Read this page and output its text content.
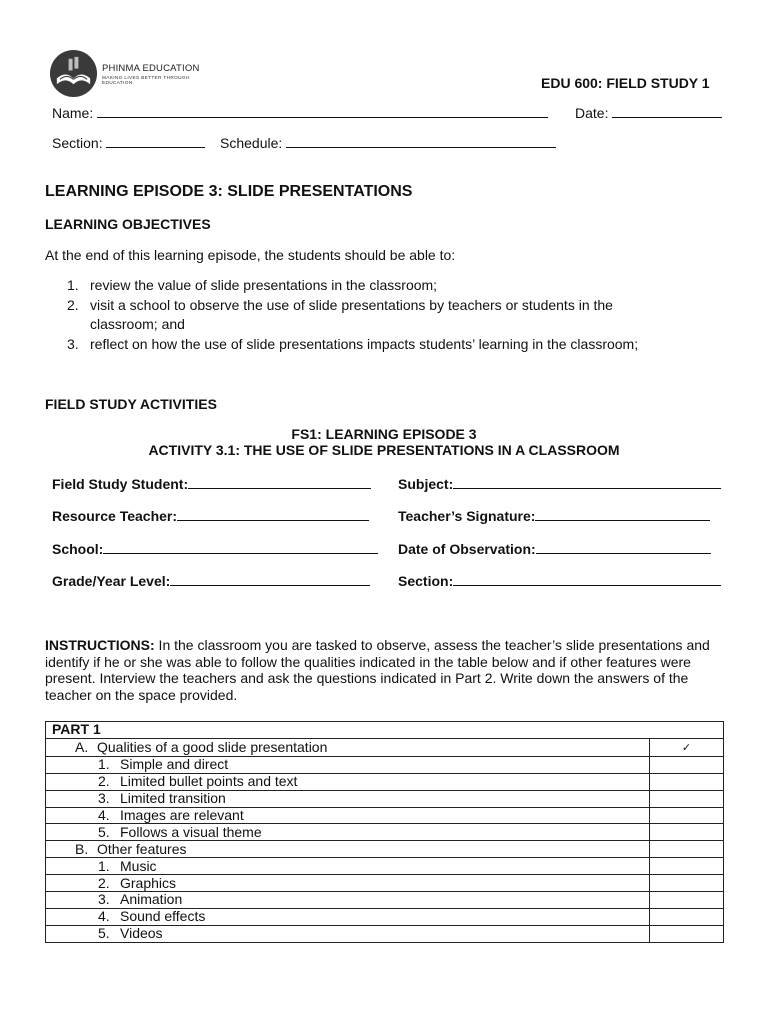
PHINMA EDUCATION
MAKING LIVES BETTER THROUGH EDUCATION	EDU 600: FIELD STUDY 1
Name:	Date:
Section:	Schedule:
LEARNING EPISODE 3: SLIDE PRESENTATIONS
LEARNING OBJECTIVES
At the end of this learning episode, the students should be able to:
1. review the value of slide presentations in the classroom;
2. visit a school to observe the use of slide presentations by teachers or students in the classroom; and
3. reflect on how the use of slide presentations impacts students’ learning in the classroom;
FIELD STUDY ACTIVITIES
FS1: LEARNING EPISODE 3
ACTIVITY 3.1: THE USE OF SLIDE PRESENTATIONS IN A CLASSROOM
Field Study Student:	Subject:
Resource Teacher:	Teacher’s Signature:
School:	Date of Observation:
Grade/Year Level:	Section:
INSTRUCTIONS: In the classroom you are tasked to observe, assess the teacher’s slide presentations and identify if he or she was able to follow the qualities indicated in the table below and if other features were present. Interview the teachers and ask the questions indicated in Part 2. Write down the answers of the teacher on the space provided.
PART 1	
A. Qualities of a good slide presentation	✓
1. Simple and direct	
2. Limited bullet points and text	
3. Limited transition	
4. Images are relevant	
5. Follows a visual theme	
B. Other features	
1. Music	
2. Graphics	
3. Animation	
4. Sound effects	
5. Videos	
